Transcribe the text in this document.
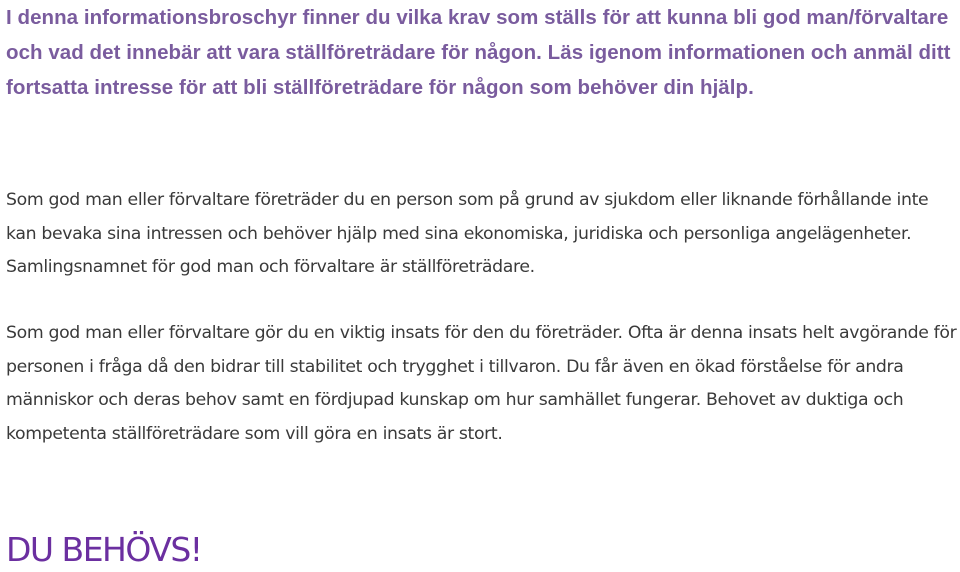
I denna informationsbroschyr finner du vilka krav som ställs för att kunna bli god man/förvaltare och vad det innebär att vara ställföreträdare för någon. Läs igenom informationen och anmäl ditt fortsatta intresse för att bli ställföreträdare för någon som behöver din hjälp.

Som god man eller förvaltare företräder du en person som på grund av sjukdom eller liknande förhållande inte kan bevaka sina intressen och behöver hjälp med sina ekonomiska, juridiska och personliga angelägenheter. Samlingsnamnet för god man och förvaltare är ställföreträdare.

Som god man eller förvaltare gör du en viktig insats för den du företräder. Ofta är denna insats helt avgörande för personen i fråga då den bidrar till stabilitet och trygghet i tillvaron. Du får även en ökad förståelse för andra människor och deras behov samt en fördjupad kunskap om hur samhället fungerar. Behovet av duktiga och kompetenta ställföreträdare som vill göra en insats är stort.

DU BEHÖVS!
